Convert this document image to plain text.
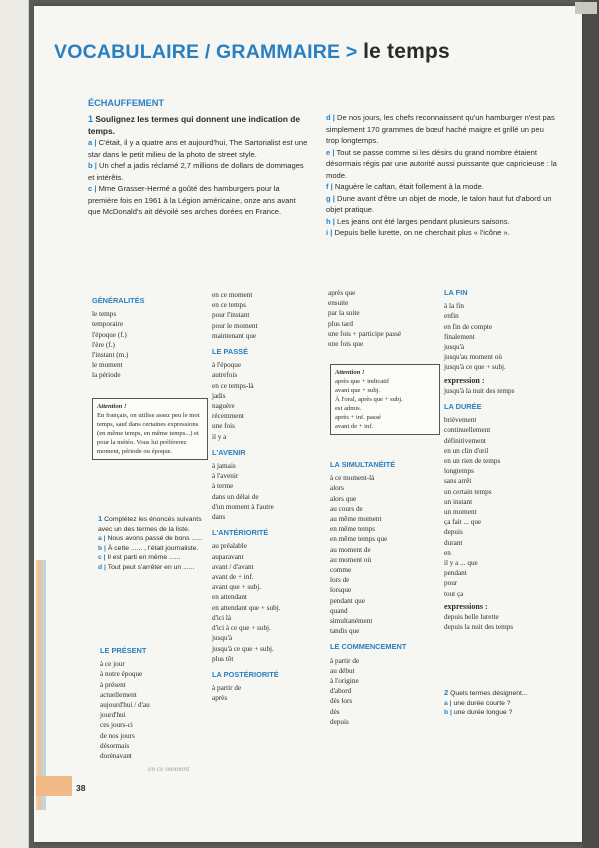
VOCABULAIRE / GRAMMAIRE > le temps
ÉCHAUFFEMENT

1 Soulignez les termes qui donnent une indication de temps.

a | C'était, il y a quatre ans et aujourd'hui, The Sartorialist est une star dans le petit milieu de la photo de street style.

b | Un chef a jadis réclamé 2,7 millions de dollars de dommages et intérêts.

c | Mme Grasser-Hermé a goûté des hamburgers pour la première fois en 1961 à la Légion américaine, onze ans avant que McDonald's ait dévoilé ses arches dorées en France.

d | De nos jours, les chefs reconnaissent qu'un hamburger n'est pas simplement 170 grammes de bœuf haché maigre et grillé un peu trop longtemps.

e | Tout se passe comme si les désirs du grand nombre étaient désormais régis par une autorité aussi puissante que capricieuse : la mode.

f | Naguère le caftan, était follement à la mode.

g | Dune avant d'être un objet de mode, le talon haut fut d'abord un objet pratique.

h | Les jeans ont été larges pendant plusieurs saisons.

i | Depuis belle lurette, on ne cherchait plus « l'icône ».

GÉNÉRALITÉS
le temps
temporaire
l'époque (f.)
l'ère (f.)
l'instant (m.)
le moment
la période
Attention !
En français, on utilise assez peu le mot temps, sauf dans certaines expressions (en même temps, en même temps...) et pour la météo. Vous lui préférerez moment, période ou époque.
1 Complétez les énoncés suivants avec un des termes de la liste.
a | Nous avons passé de bons ......
b | À cette ...... , l'était journaliste.
c | Il est parti en même ......
d | Tout peut s'arrêter en un ......
LE PRÉSENT
à ce jour
à notre époque
à présent
actuellement
aujourd'hui / d'au
jourd'hui
ces jours-ci
de nos jours
désormais
dorénavant
en ce moment
en ce moment
en ce temps
pour l'instant
pour le moment
maintenant que
LE PASSÉ
à l'époque
autrefois
en ce temps-là
jadis
naguère
récemment
une fois
il y a
L'AVENIR
à jamais
à l'avenir
à terme
dans un délai de
d'un moment à l'autre
dans
L'ANTÉRIORITÉ
au préalable
auparavant
avant / d'avant
avant de + inf.
avant que + subj.
en attendant
en attendant que + subj.
d'ici là
d'ici à ce que + subj.
jusqu'à
jusqu'à ce que + subj.
plus tôt
LA POSTÉRIORITÉ
à partir de
après
après que
ensuite
par la suite
plus tard
une fois + participe passé
une fois que
Attention !
après que + indicatif
avant que + subj.
À l'oral, après que + subj.
est admis.
après + inf. passé
avant de + inf.
LA SIMULTANÉITÉ
à ce moment-là
alors
alors que
au cours de
au même moment
en même temps
en même temps que
au moment de
au moment où
comme
lors de
lorsque
pendant que
quand
simultanément
tandis que
LE COMMENCEMENT
à partir de
au début
à l'origine
d'abord
dès lors
dès
depuis
LA FIN
à la fin
enfin
en fin de compte
finalement
jusqu'à
jusqu'au moment où
jusqu'à ce que + subj.
expression :
jusqu'à la nuit des temps
LA DURÉE
brièvement
continuellement
définitivement
en un clin d'œil
en un rien de temps
longtemps
sans arrêt
un certain temps
un instant
un moment
ça fait ... que
depuis
durant
en
il y a ... que
pendant
pour
tout ça
expressions :
depuis belle lurette
depuis la nuit des temps
2 Quels termes désignent...
a | une durée courte ?
b | une durée longue ?
38
